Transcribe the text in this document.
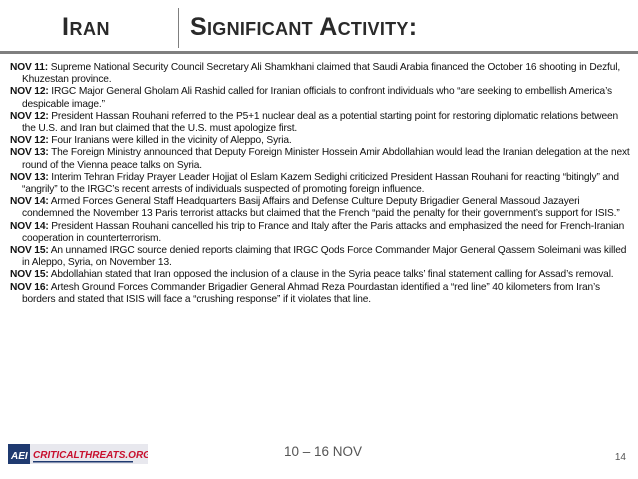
Iran	Significant Activity:
NOV 11: Supreme National Security Council Secretary Ali Shamkhani claimed that Saudi Arabia financed the October 16 shooting in Dezful, Khuzestan province.
NOV 12: IRGC Major General Gholam Ali Rashid called for Iranian officials to confront individuals who “are seeking to embellish America’s despicable image.”
NOV 12: President Hassan Rouhani referred to the P5+1 nuclear deal as a potential starting point for restoring diplomatic relations between the U.S. and Iran but claimed that the U.S. must apologize first.
NOV 12: Four Iranians were killed in the vicinity of Aleppo, Syria.
NOV 13: The Foreign Ministry announced that Deputy Foreign Minister Hossein Amir Abdollahian would lead the Iranian delegation at the next round of the Vienna peace talks on Syria.
NOV 13: Interim Tehran Friday Prayer Leader Hojjat ol Eslam Kazem Sedighi criticized President Hassan Rouhani for reacting “bitingly” and “angrily” to the IRGC’s recent arrests of individuals suspected of promoting foreign influence.
NOV 14: Armed Forces General Staff Headquarters Basij Affairs and Defense Culture Deputy Brigadier General Massoud Jazayeri condemned the November 13 Paris terrorist attacks but claimed that the French “paid the penalty for their government’s support for ISIS.”
NOV 14: President Hassan Rouhani cancelled his trip to France and Italy after the Paris attacks and emphasized the need for French-Iranian cooperation in counterterrorism.
NOV 15: An unnamed IRGC source denied reports claiming that IRGC Qods Force Commander Major General Qassem Soleimani was killed in Aleppo, Syria, on November 13.
NOV 15: Abdollahian stated that Iran opposed the inclusion of a clause in the Syria peace talks’ final statement calling for Assad’s removal.
NOV 16: Artesh Ground Forces Commander Brigadier General Ahmad Reza Pourdastan identified a “red line” 40 kilometers from Iran’s borders and stated that ISIS will face a “crushing response” if it violates that line.
AEI CRITICALTHREATS.ORG	10 – 16 NOV	14
